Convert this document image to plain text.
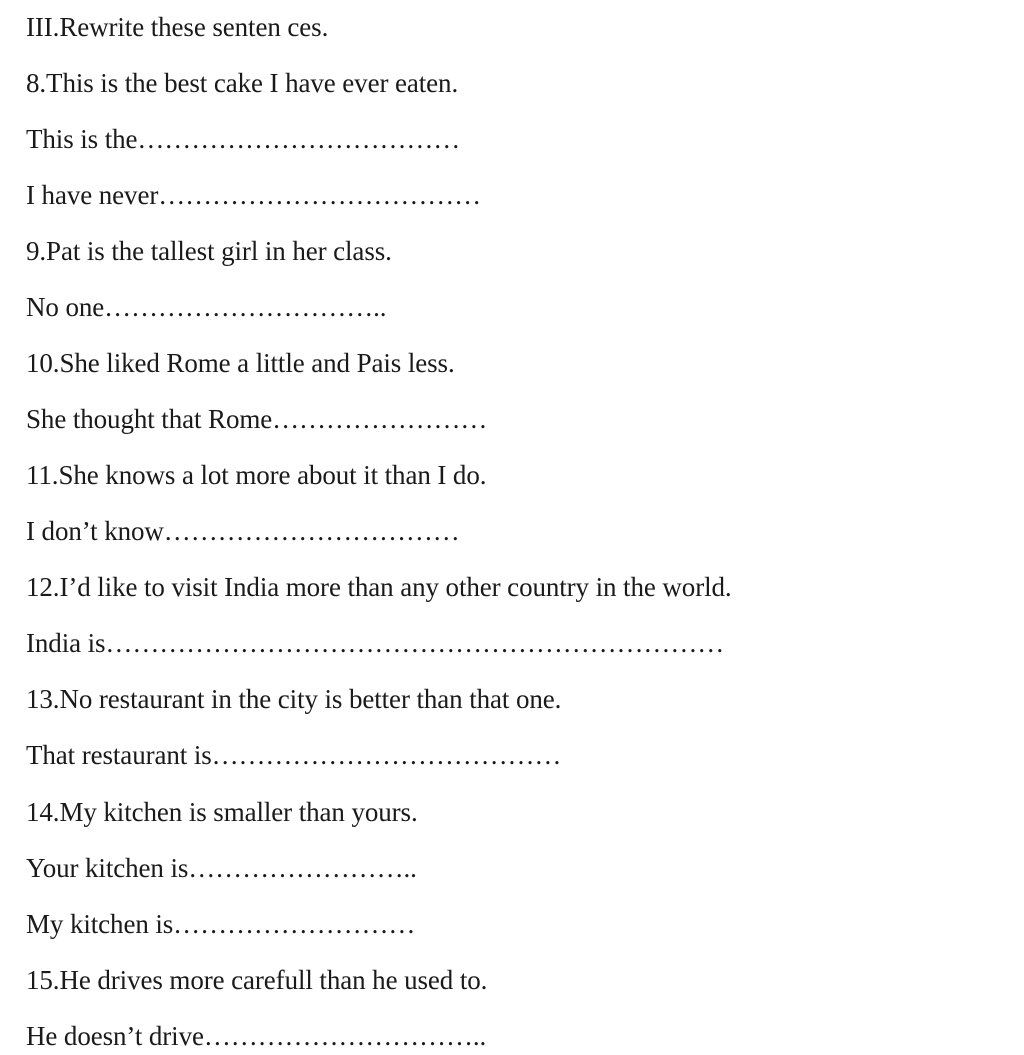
III.Rewrite these senten ces.
8.This is the best cake I have ever eaten.
This is the………………………………
I have never………………………………
9.Pat is the tallest girl in her class.
No one…………………………..
10.She liked Rome a little and Pais less.
She thought that Rome……………………
11.She knows a lot more about it than I do.
I don’t know……………………………
12.I’d like to visit India more than any other country in the world.
India is……………………………………………………………
13.No restaurant in the city is better than that one.
That restaurant is…………………………………
14.My kitchen is smaller than yours.
Your kitchen is……………………..
My kitchen is………………………
15.He drives more carefull than he used to.
He doesn’t drive…………………………..
